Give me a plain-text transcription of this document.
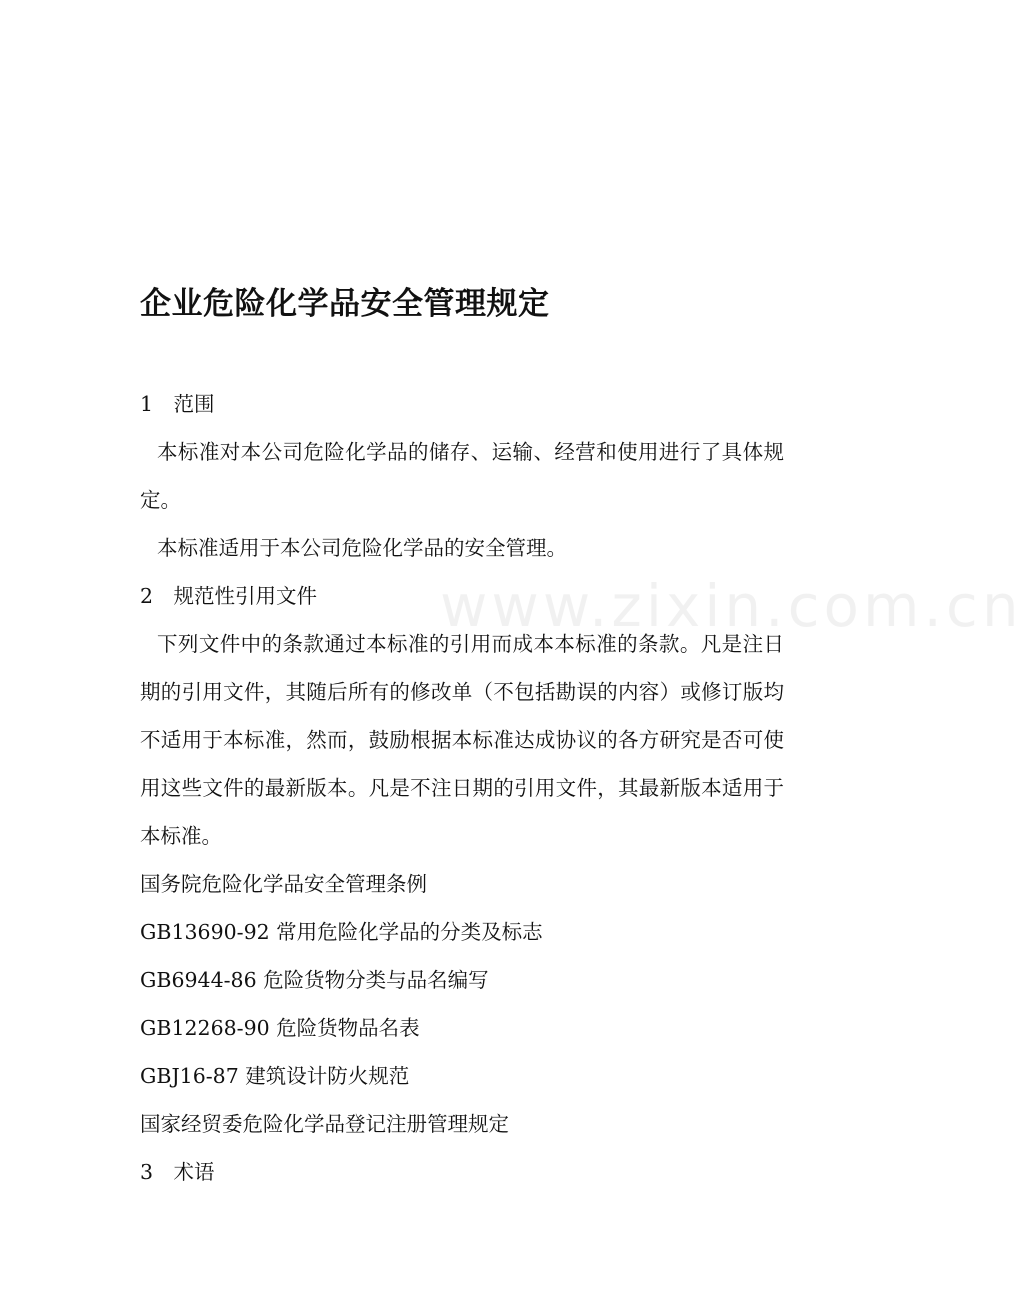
www.zixin.com.cn
企业危险化学品安全管理规定

1　范围

本标准对本公司危险化学品的储存、运输、经营和使用进行了具体规定。

本标准适用于本公司危险化学品的安全管理。

2　规范性引用文件

下列文件中的条款通过本标准的引用而成本本标准的条款。凡是注日期的引用文件，其随后所有的修改单（不包括勘误的内容）或修订版均不适用于本标准，然而，鼓励根据本标准达成协议的各方研究是否可使用这些文件的最新版本。凡是不注日期的引用文件，其最新版本适用于本标准。

国务院危险化学品安全管理条例

GB13690-92 常用危险化学品的分类及标志

GB6944-86 危险货物分类与品名编写

GB12268-90 危险货物品名表

GBJ16-87 建筑设计防火规范

国家经贸委危险化学品登记注册管理规定

3　术语
